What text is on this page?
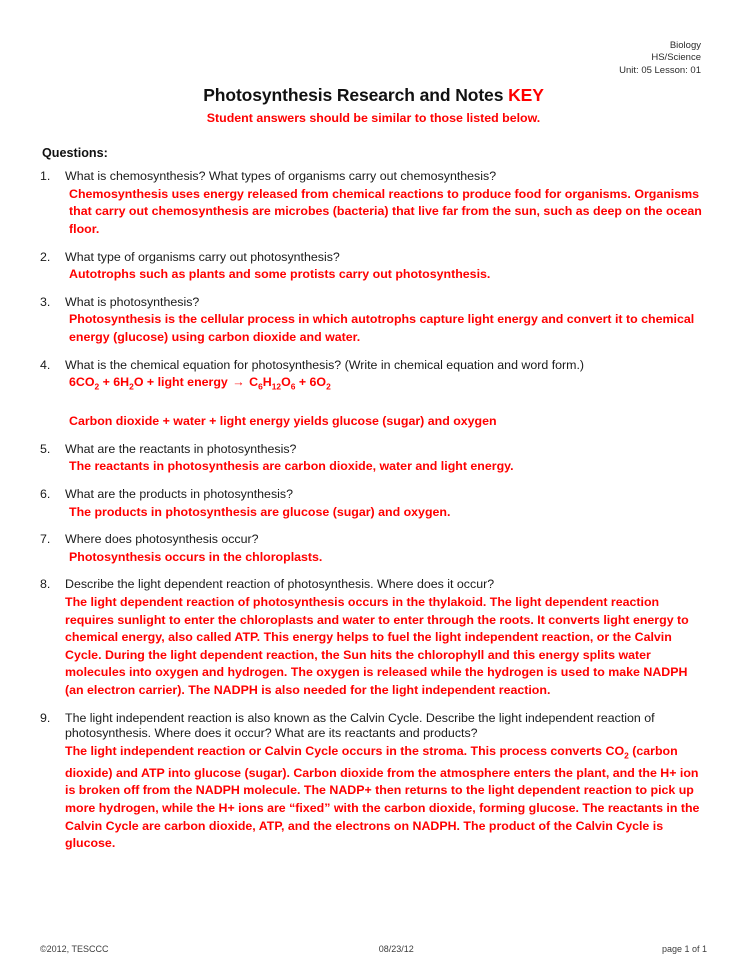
Biology
HS/Science
Unit: 05 Lesson: 01
Photosynthesis Research and Notes KEY
Student answers should be similar to those listed below.
Questions:
1.	What is chemosynthesis? What types of organisms carry out chemosynthesis?
Chemosynthesis uses energy released from chemical reactions to produce food for organisms. Organisms that carry out chemosynthesis are microbes (bacteria) that live far from the sun, such as deep on the ocean floor.
2.	What type of organisms carry out photosynthesis?
Autotrophs such as plants and some protists carry out photosynthesis.
3.	What is photosynthesis?
Photosynthesis is the cellular process in which autotrophs capture light energy and convert it to chemical energy (glucose) using carbon dioxide and water.
4.	What is the chemical equation for photosynthesis? (Write in chemical equation and word form.)
$6CO_2 + 6H_2O$ + light energy → $C_6H_{12}O_6 + 6O_2$
Carbon dioxide + water + light energy yields glucose (sugar) and oxygen
5.	What are the reactants in photosynthesis?
The reactants in photosynthesis are carbon dioxide, water and light energy.
6.	What are the products in photosynthesis?
The products in photosynthesis are glucose (sugar) and oxygen.
7.	Where does photosynthesis occur?
Photosynthesis occurs in the chloroplasts.
8.	Describe the light dependent reaction of photosynthesis. Where does it occur?
The light dependent reaction of photosynthesis occurs in the thylakoid. The light dependent reaction requires sunlight to enter the chloroplasts and water to enter through the roots. It converts light energy to chemical energy, also called ATP. This energy helps to fuel the light independent reaction, or the Calvin Cycle. During the light dependent reaction, the Sun hits the chlorophyll and this energy splits water molecules into oxygen and hydrogen. The oxygen is released while the hydrogen is used to make NADPH (an electron carrier). The NADPH is also needed for the light independent reaction.
9.	The light independent reaction is also known as the Calvin Cycle. Describe the light independent reaction of photosynthesis. Where does it occur? What are its reactants and products?
The light independent reaction or Calvin Cycle occurs in the stroma. This process converts $CO_2$ (carbon dioxide) and ATP into glucose (sugar). Carbon dioxide from the atmosphere enters the plant, and the H+ ion is broken off from the NADPH molecule. The NADP+ then returns to the light dependent reaction to pick up more hydrogen, while the H+ ions are “fixed” with the carbon dioxide, forming glucose. The reactants in the Calvin Cycle are carbon dioxide, ATP, and the electrons on NADPH. The product of the Calvin Cycle is glucose.
©2012, TESCCC	08/23/12	page 1 of 1
